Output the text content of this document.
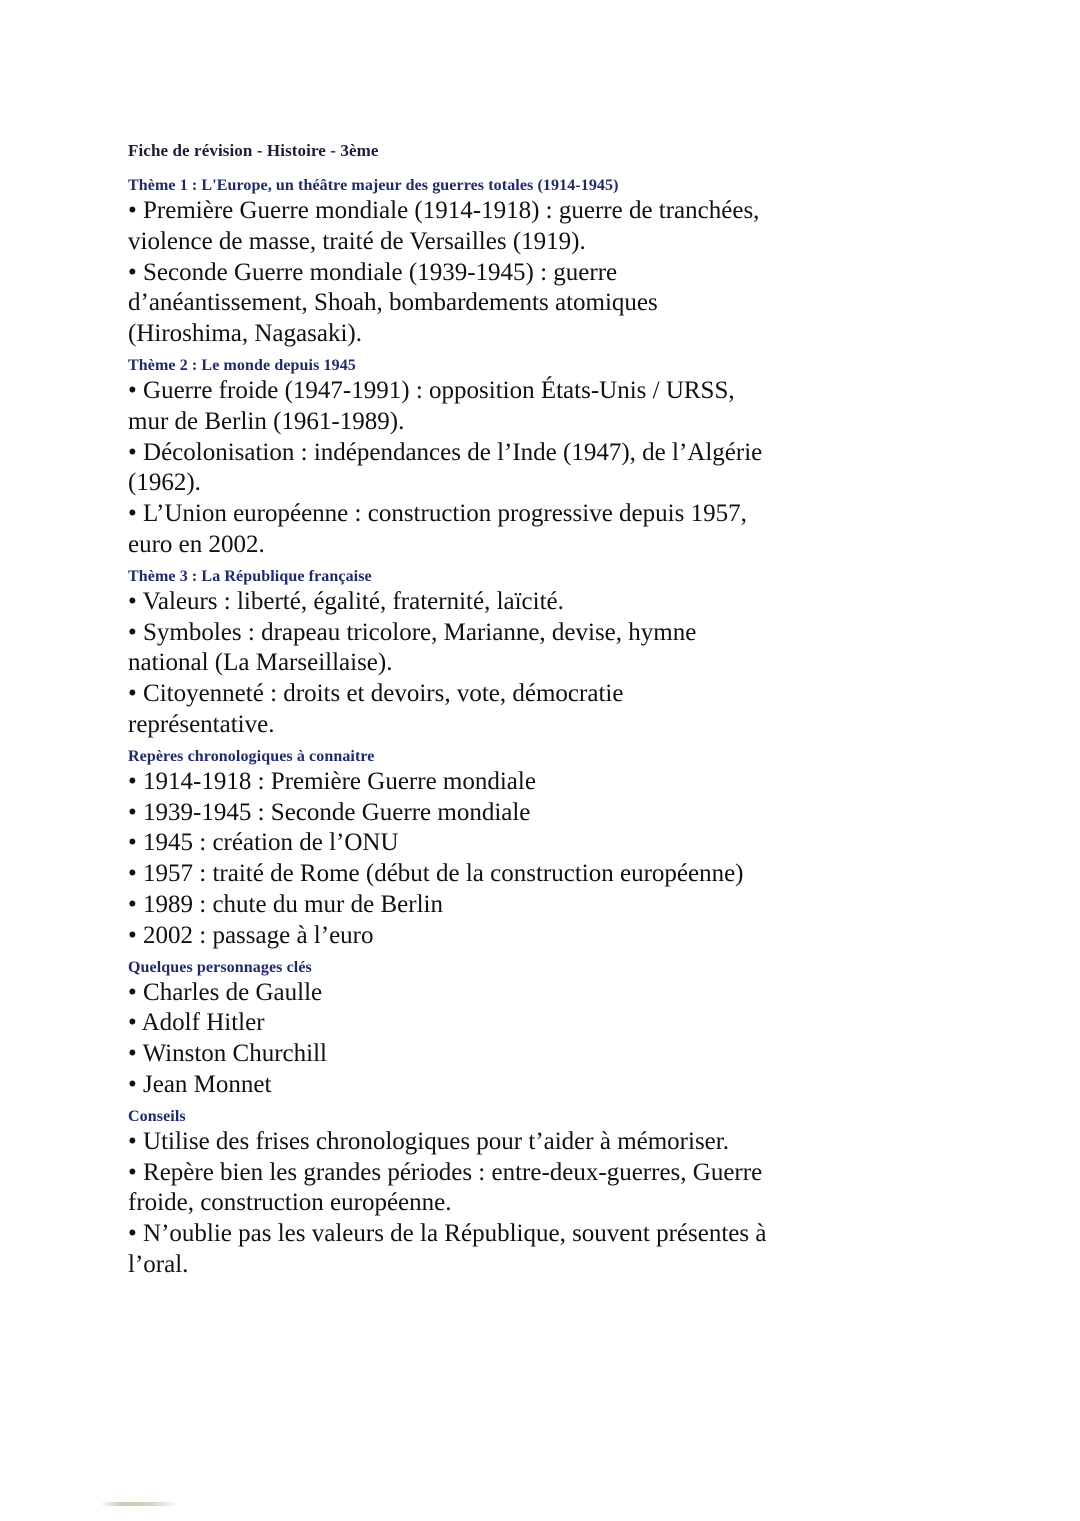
Fiche de révision - Histoire - 3ème
Thème 1 : L'Europe, un théâtre majeur des guerres totales (1914-1945)
• Première Guerre mondiale (1914-1918) : guerre de tranchées, violence de masse, traité de Versailles (1919).
• Seconde Guerre mondiale (1939-1945) : guerre d’anéantissement, Shoah, bombardements atomiques (Hiroshima, Nagasaki).
Thème 2 : Le monde depuis 1945
• Guerre froide (1947-1991) : opposition États-Unis / URSS, mur de Berlin (1961-1989).
• Décolonisation : indépendances de l’Inde (1947), de l’Algérie (1962).
• L’Union européenne : construction progressive depuis 1957, euro en 2002.
Thème 3 : La République française
• Valeurs : liberté, égalité, fraternité, laïcité.
• Symboles : drapeau tricolore, Marianne, devise, hymne national (La Marseillaise).
• Citoyenneté : droits et devoirs, vote, démocratie représentative.
Repères chronologiques à connaitre
• 1914-1918 : Première Guerre mondiale
• 1939-1945 : Seconde Guerre mondiale
• 1945 : création de l’ONU
• 1957 : traité de Rome (début de la construction européenne)
• 1989 : chute du mur de Berlin
• 2002 : passage à l’euro
Quelques personnages clés
• Charles de Gaulle
• Adolf Hitler
• Winston Churchill
• Jean Monnet
Conseils
• Utilise des frises chronologiques pour t’aider à mémoriser.
• Repère bien les grandes périodes : entre-deux-guerres, Guerre froide, construction européenne.
• N’oublie pas les valeurs de la République, souvent présentes à l’oral.
